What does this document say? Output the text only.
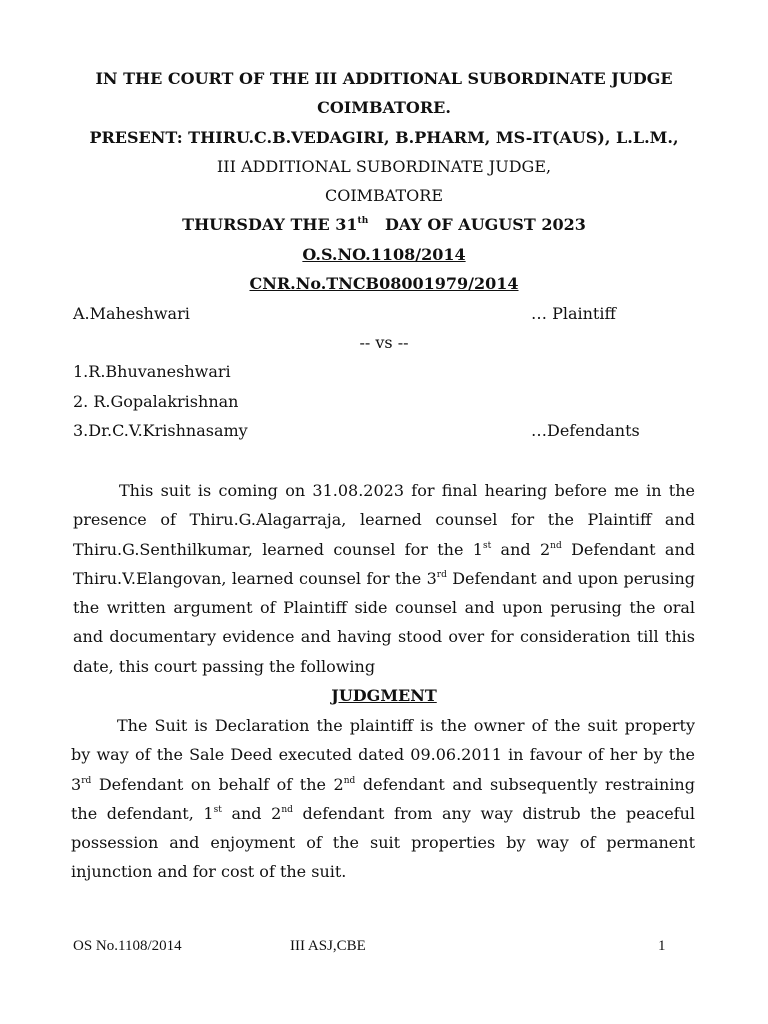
IN THE COURT OF THE III ADDITIONAL SUBORDINATE JUDGE
COIMBATORE.
PRESENT: THIRU.C.B.VEDAGIRI, B.PHARM, MS-IT(AUS), L.L.M.,
III ADDITIONAL SUBORDINATE JUDGE,
COIMBATORE
THURSDAY THE 31th   DAY OF AUGUST 2023
O.S.NO.1108/2014
CNR.No.TNCB08001979/2014
A.Maheshwari	… Plaintiff
-- vs --
1.R.Bhuvaneshwari
2. R.Gopalakrishnan
3.Dr.C.V.Krishnasamy	…Defendants
This suit is coming on 31.08.2023 for final hearing before me in the presence of Thiru.G.Alagarraja, learned counsel for the Plaintiff and Thiru.G.Senthilkumar, learned counsel for the 1st and 2nd Defendant and Thiru.V.Elangovan, learned counsel for the 3rd Defendant and upon perusing the written argument of Plaintiff side counsel and upon perusing the oral and documentary evidence and having stood over for consideration till this date, this court passing the following
JUDGMENT
The Suit is Declaration the plaintiff is the owner of the suit property by way of the Sale Deed executed dated 09.06.2011 in favour of her by the 3rd Defendant on behalf of the 2nd defendant and subsequently restraining the defendant, 1st and 2nd defendant from any way distrub the peaceful possession and enjoyment of the suit properties by way of permanent injunction and for cost of the suit.
OS No.1108/2014	III ASJ,CBE	1
